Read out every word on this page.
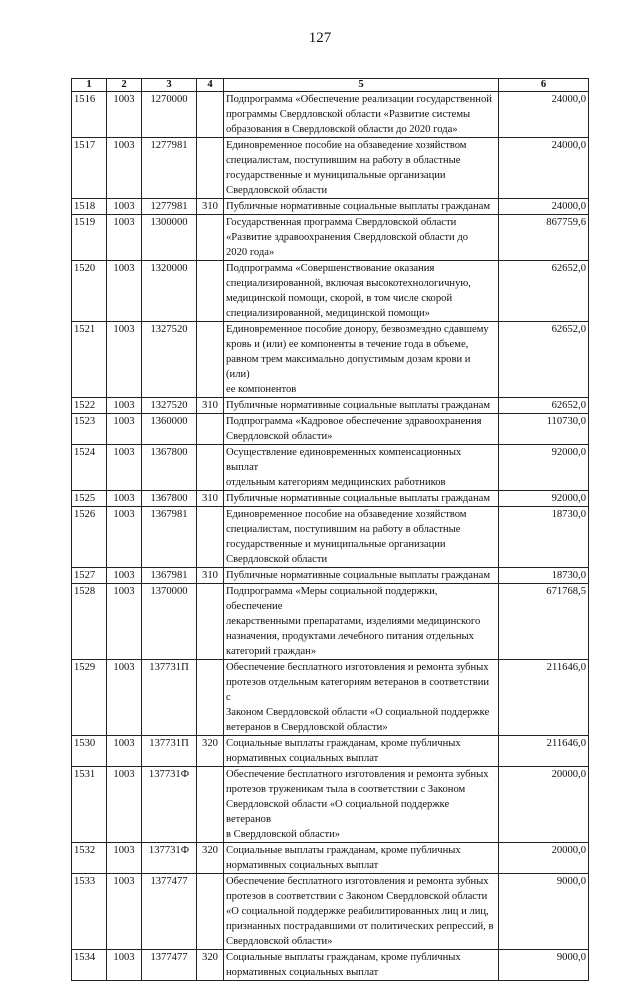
127
1	2	3	4	5	6
1516	1003	1270000		Подпрограмма «Обеспечение реализации государственной
программы Свердловской области «Развитие системы
образования в Свердловской области до 2020 года»	24000,0
1517	1003	1277981		Единовременное пособие на обзаведение хозяйством
специалистам, поступившим на работу в областные
государственные и муниципальные организации
Свердловской области	24000,0
1518	1003	1277981	310	Публичные нормативные социальные выплаты гражданам	24000,0
1519	1003	1300000		Государственная программа Свердловской области
«Развитие здравоохранения Свердловской области до
2020 года»	867759,6
1520	1003	1320000		Подпрограмма «Совершенствование оказания
специализированной, включая высокотехнологичную,
медицинской помощи, скорой, в том числе скорой
специализированной, медицинской помощи»	62652,0
1521	1003	1327520		Единовременное пособие донору, безвозмездно сдавшему
кровь и (или) ее компоненты в течение года в объеме,
равном трем максимально допустимым дозам крови и (или)
ее компонентов	62652,0
1522	1003	1327520	310	Публичные нормативные социальные выплаты гражданам	62652,0
1523	1003	1360000		Подпрограмма «Кадровое обеспечение здравоохранения
Свердловской области»	110730,0
1524	1003	1367800		Осуществление единовременных компенсационных выплат
отдельным категориям медицинских работников	92000,0
1525	1003	1367800	310	Публичные нормативные социальные выплаты гражданам	92000,0
1526	1003	1367981		Единовременное пособие на обзаведение хозяйством
специалистам, поступившим на работу в областные
государственные и муниципальные организации
Свердловской области	18730,0
1527	1003	1367981	310	Публичные нормативные социальные выплаты гражданам	18730,0
1528	1003	1370000		Подпрограмма «Меры социальной поддержки, обеспечение
лекарственными препаратами, изделиями медицинского
назначения, продуктами лечебного питания отдельных
категорий граждан»	671768,5
1529	1003	137731П		Обеспечение бесплатного изготовления и ремонта зубных
протезов отдельным категориям ветеранов в соответствии с
Законом Свердловской области «О социальной поддержке
ветеранов в Свердловской области»	211646,0
1530	1003	137731П	320	Социальные выплаты гражданам, кроме публичных
нормативных социальных выплат	211646,0
1531	1003	137731Ф		Обеспечение бесплатного изготовления и ремонта зубных
протезов труженикам тыла в соответствии с Законом
Свердловской области «О социальной поддержке ветеранов
в Свердловской области»	20000,0
1532	1003	137731Ф	320	Социальные выплаты гражданам, кроме публичных
нормативных социальных выплат	20000,0
1533	1003	1377477		Обеспечение бесплатного изготовления и ремонта зубных
протезов в соответствии с Законом Свердловской области
«О социальной поддержке реабилитированных лиц и лиц,
признанных пострадавшими от политических репрессий, в
Свердловской области»	9000,0
1534	1003	1377477	320	Социальные выплаты гражданам, кроме публичных
нормативных социальных выплат	9000,0
